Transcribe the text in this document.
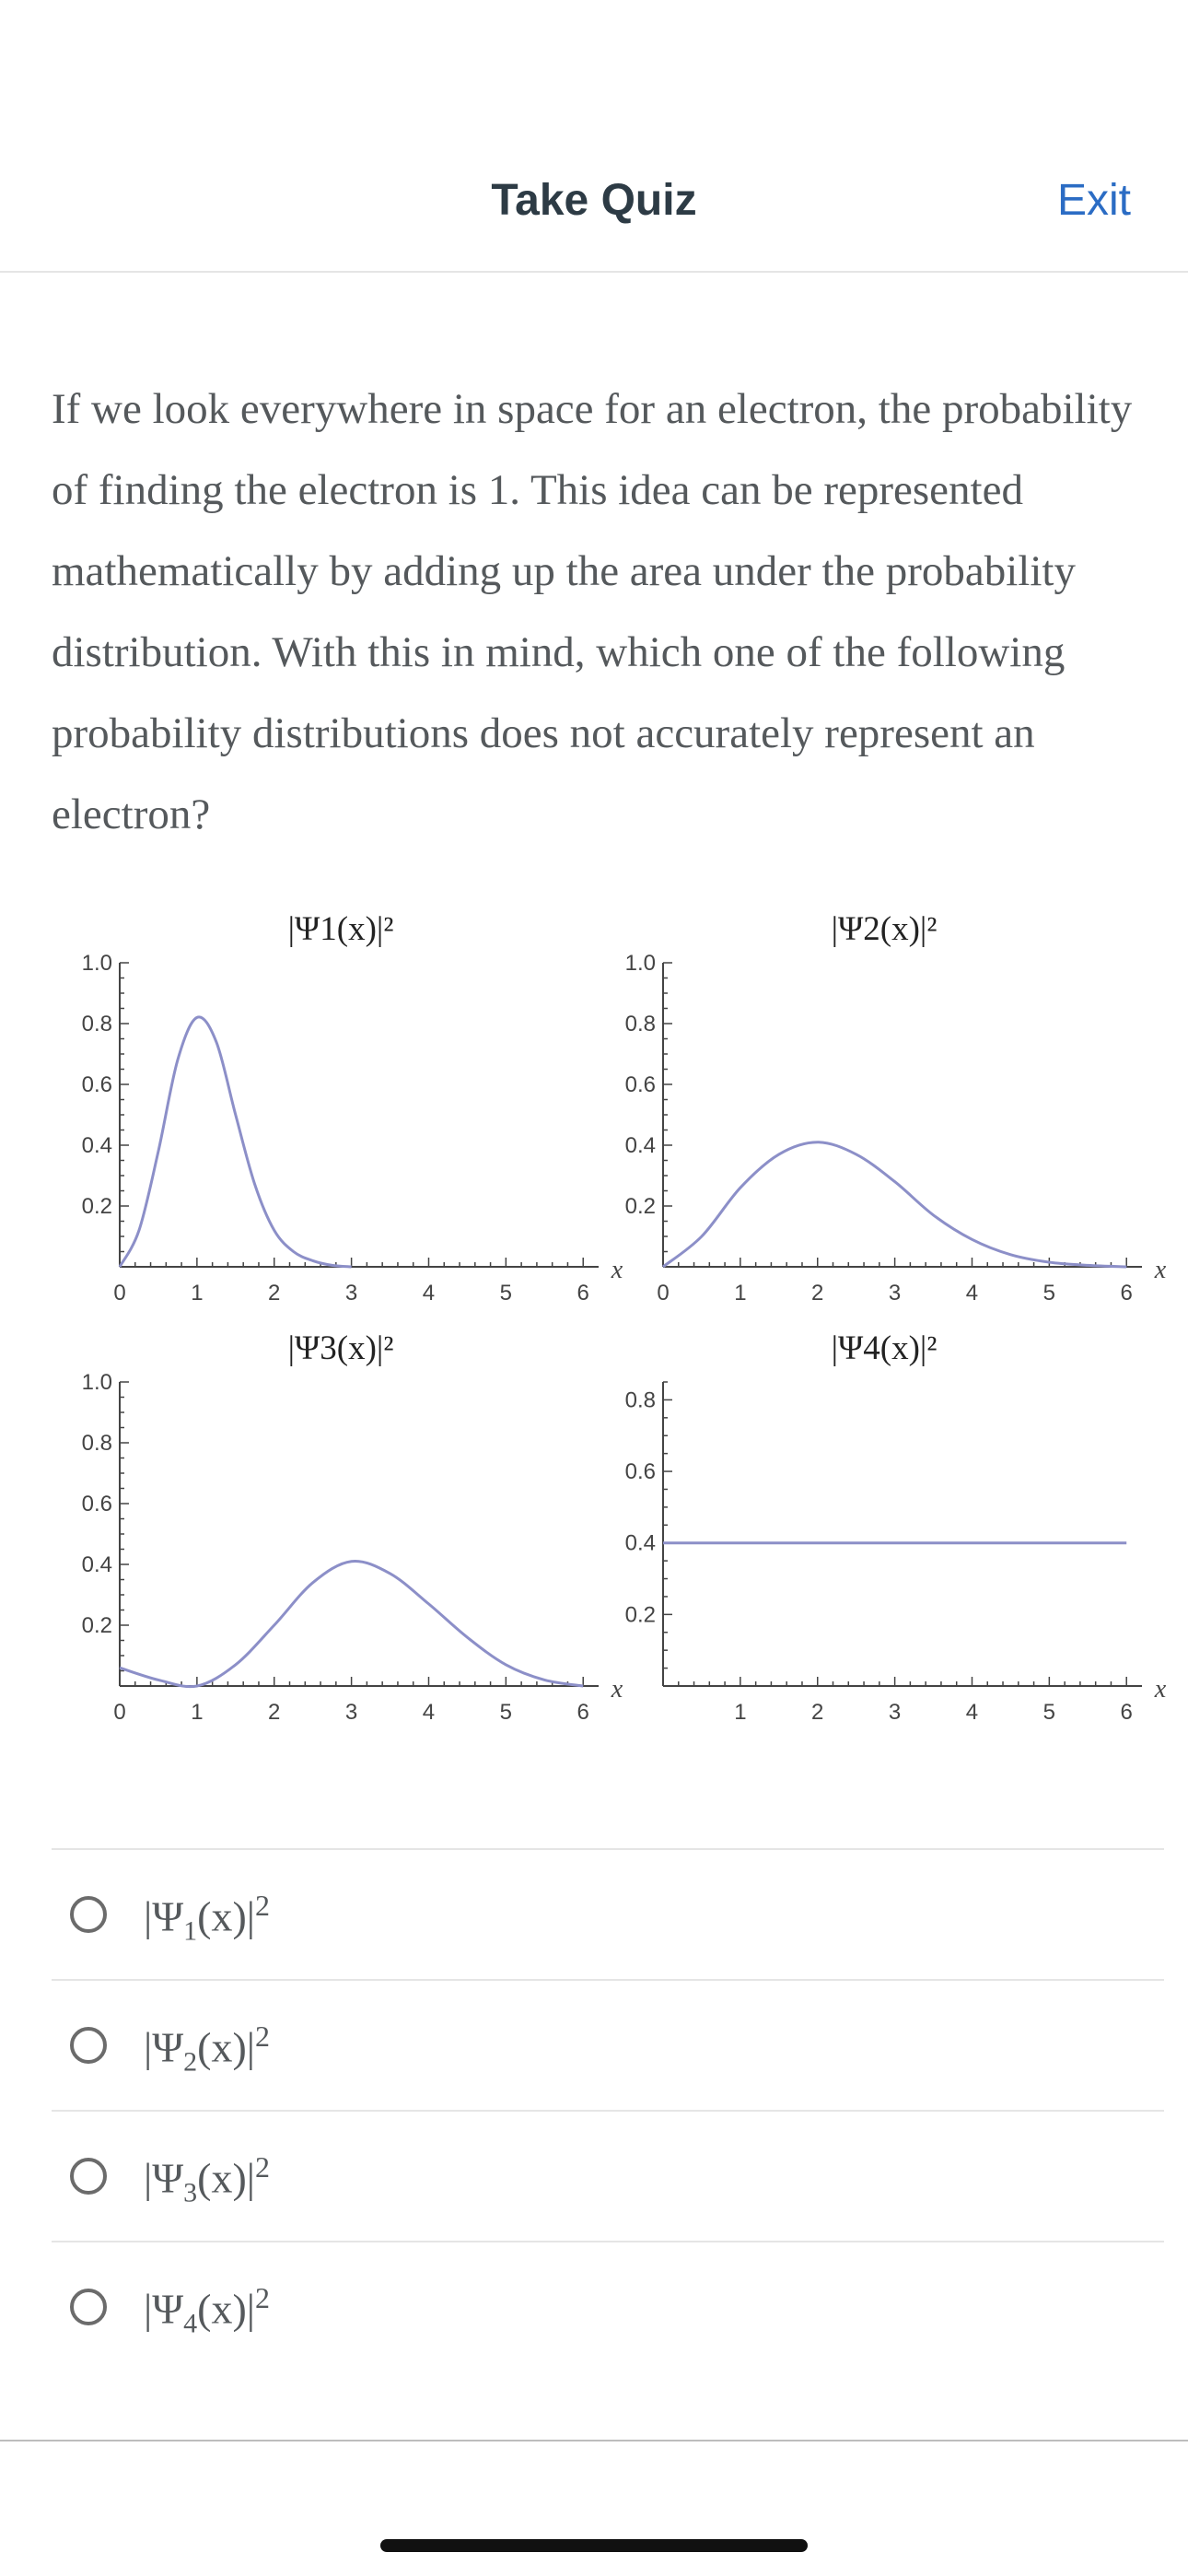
Take Quiz	Exit
If we look everywhere in space for an electron, the probability of finding the electron is 1. This idea can be represented mathematically by adding up the area under the probability distribution. With this in mind, which one of the following probability distributions does not accurately represent an electron?
|Ψ1(x)|²
0	1	2	3	4	5	6
0.2
0.4
0.6
0.8
1.0
x
|Ψ2(x)|²
0	1	2	3	4	5	6
0.2
0.4
0.6
0.8
1.0
x
|Ψ3(x)|²
0	1	2	3	4	5	6
0.2
0.4
0.6
0.8
1.0
x
|Ψ4(x)|²
1	2	3	4	5	6
0.2
0.4
0.6
0.8
x
$|\Psi_1(x)|^2$
$|\Psi_2(x)|^2$
$|\Psi_3(x)|^2$
$|\Psi_4(x)|^2$
